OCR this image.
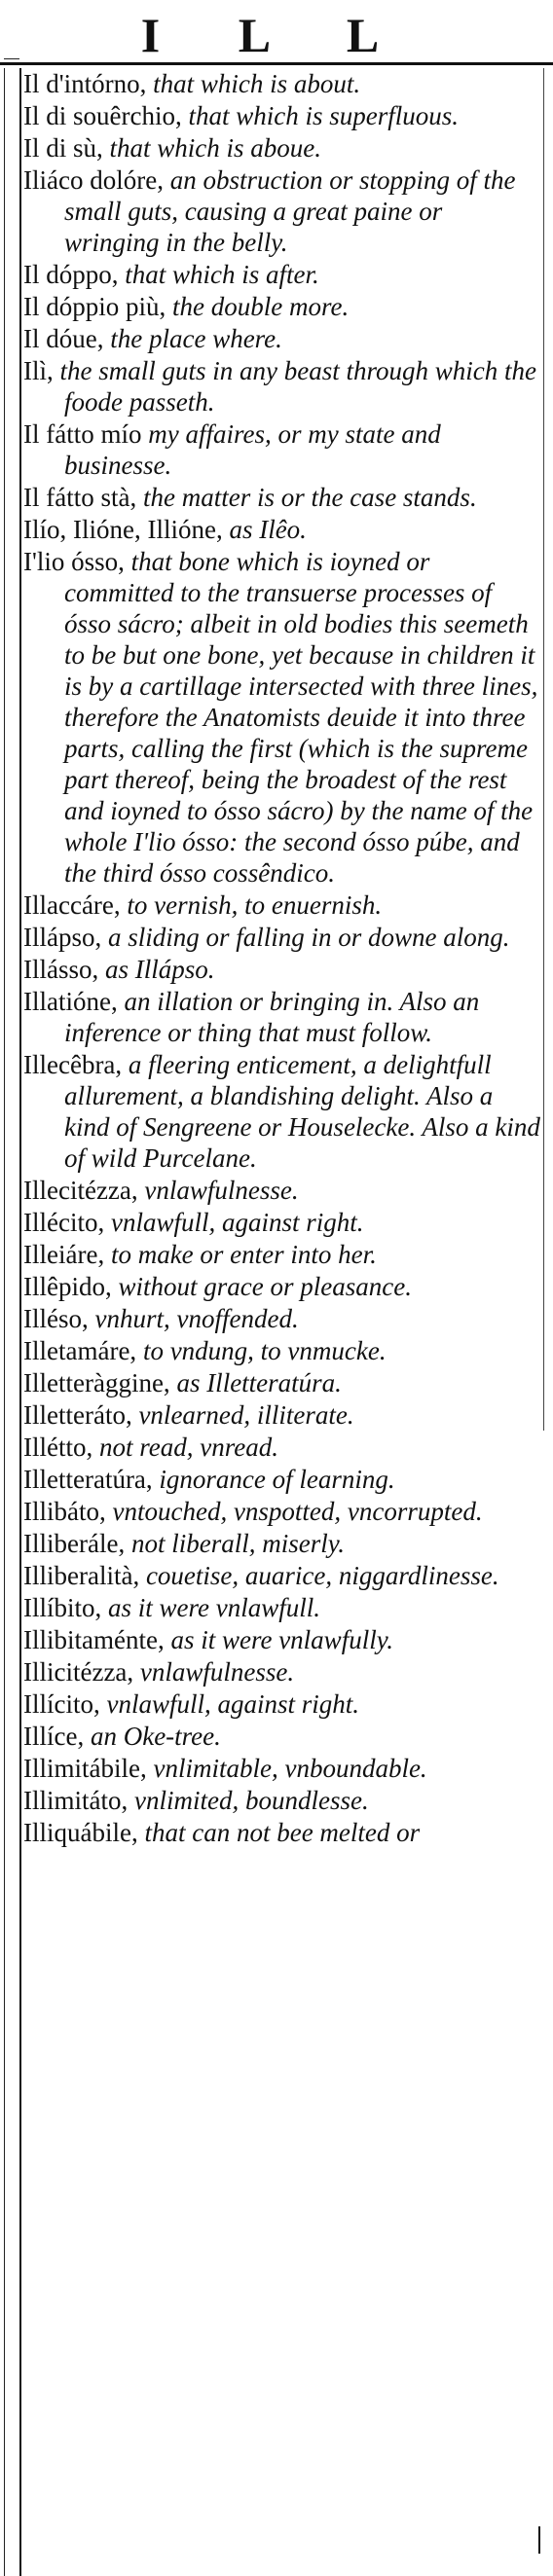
I L L
Il d'intórno, that which is about.
Il di souêrchio, that which is superfluous.
Il di sù, that which is aboue.
Iliáco dolóre, an obstruction or stopping of the small guts, causing a great paine or wringing in the belly.
Il dóppo, that which is after.
Il dóppio più, the double more.
Il dóue, the place where.
Ilì, the small guts in any beast through which the foode passeth.
Il fátto mío my affaires, or my state and businesse.
Il fátto stà, the matter is or the case stands.
Ilío, Ilióne, Illióne, as Ilêo.
I'lio ósso, that bone which is ioyned or committed to the transuerse processes of ósso sácro; albeit in old bodies this seemeth to be but one bone, yet because in children it is by a cartillage intersected with three lines, therefore the Anatomists deuide it into three parts, calling the first (which is the supreme part thereof, being the broadest of the rest and ioyned to ósso sácro) by the name of the whole I'lio ósso: the second ósso púbe, and the third ósso cossêndico.
Illaccáre, to vernish, to enuernish.
Illápso, a sliding or falling in or downe along.
Illásso, as Illápso.
Illatióne, an illation or bringing in. Also an inference or thing that must follow.
Illecêbra, a fleering enticement, a delightfull allurement, a blandishing delight. Also a kind of Sengreene or Houselecke. Also a kind of wild Purcelane.
Illecitézza, vnlawfulnesse.
Illécito, vnlawfull, against right.
Illeiáre, to make or enter into her.
Illêpido, without grace or pleasance.
Illéso, vnhurt, vnoffended.
Illetamáre, to vndung, to vnmucke.
Illetteràggine, as Illetteratúra.
Illetteráto, vnlearned, illiterate.
Illétto, not read, vnread.
Illetteratúra, ignorance of learning.
Illibáto, vntouched, vnspotted, vncorrupted.
Illiberále, not liberall, miserly.
Illiberalità, couetise, auarice, niggardlinesse.
Illíbito, as it were vnlawfull.
Illibitaménte, as it were vnlawfully.
Illicitézza, vnlawfulnesse.
Illícito, vnlawfull, against right.
Illíce, an Oke-tree.
Illimitábile, vnlimitable, vnboundable.
Illimitáto, vnlimited, boundlesse.
Illiquábile, that can not bee melted or
